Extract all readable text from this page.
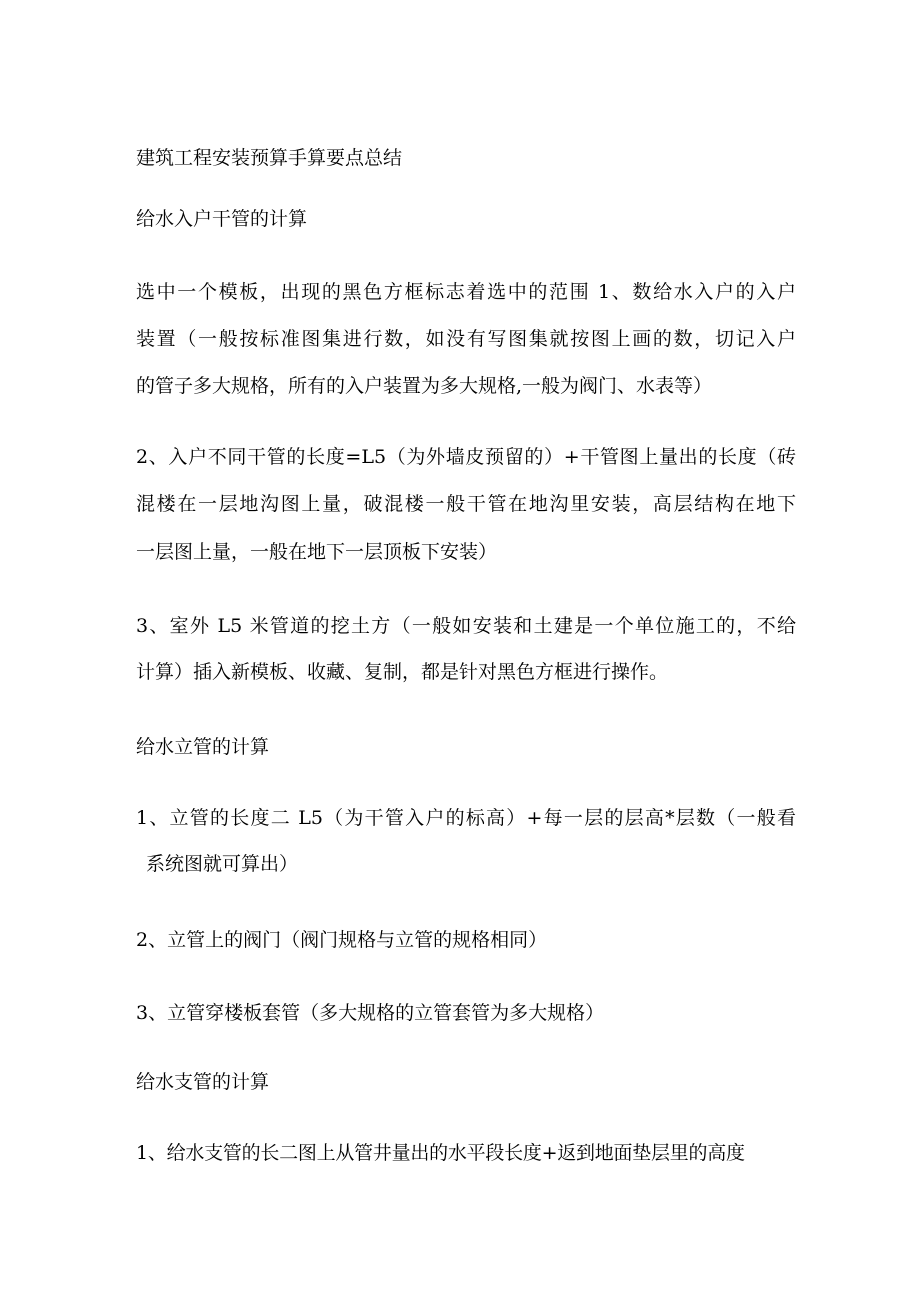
建筑工程安装预算手算要点总结
给水入户干管的计算
选中一个模板，出现的黑色方框标志着选中的范围 1、数给水入户的入户
装置（一般按标准图集进行数，如没有写图集就按图上画的数，切记入户
的管子多大规格，所有的入户装置为多大规格,一般为阀门、水表等）
2、入户不同干管的长度=L5（为外墙皮预留的）+干管图上量出的长度（砖
混楼在一层地沟图上量，破混楼一般干管在地沟里安装，高层结构在地下
一层图上量，一般在地下一层顶板下安装）
3、室外 L5 米管道的挖土方（一般如安装和土建是一个单位施工的，不给
计算）插入新模板、收藏、复制，都是针对黑色方框进行操作。
给水立管的计算
1、立管的长度二 L5（为干管入户的标高）+每一层的层高*层数（一般看
系统图就可算出）
2、立管上的阀门（阀门规格与立管的规格相同）
3、立管穿楼板套管（多大规格的立管套管为多大规格）
给水支管的计算
1、给水支管的长二图上从管井量出的水平段长度+返到地面垫层里的高度
